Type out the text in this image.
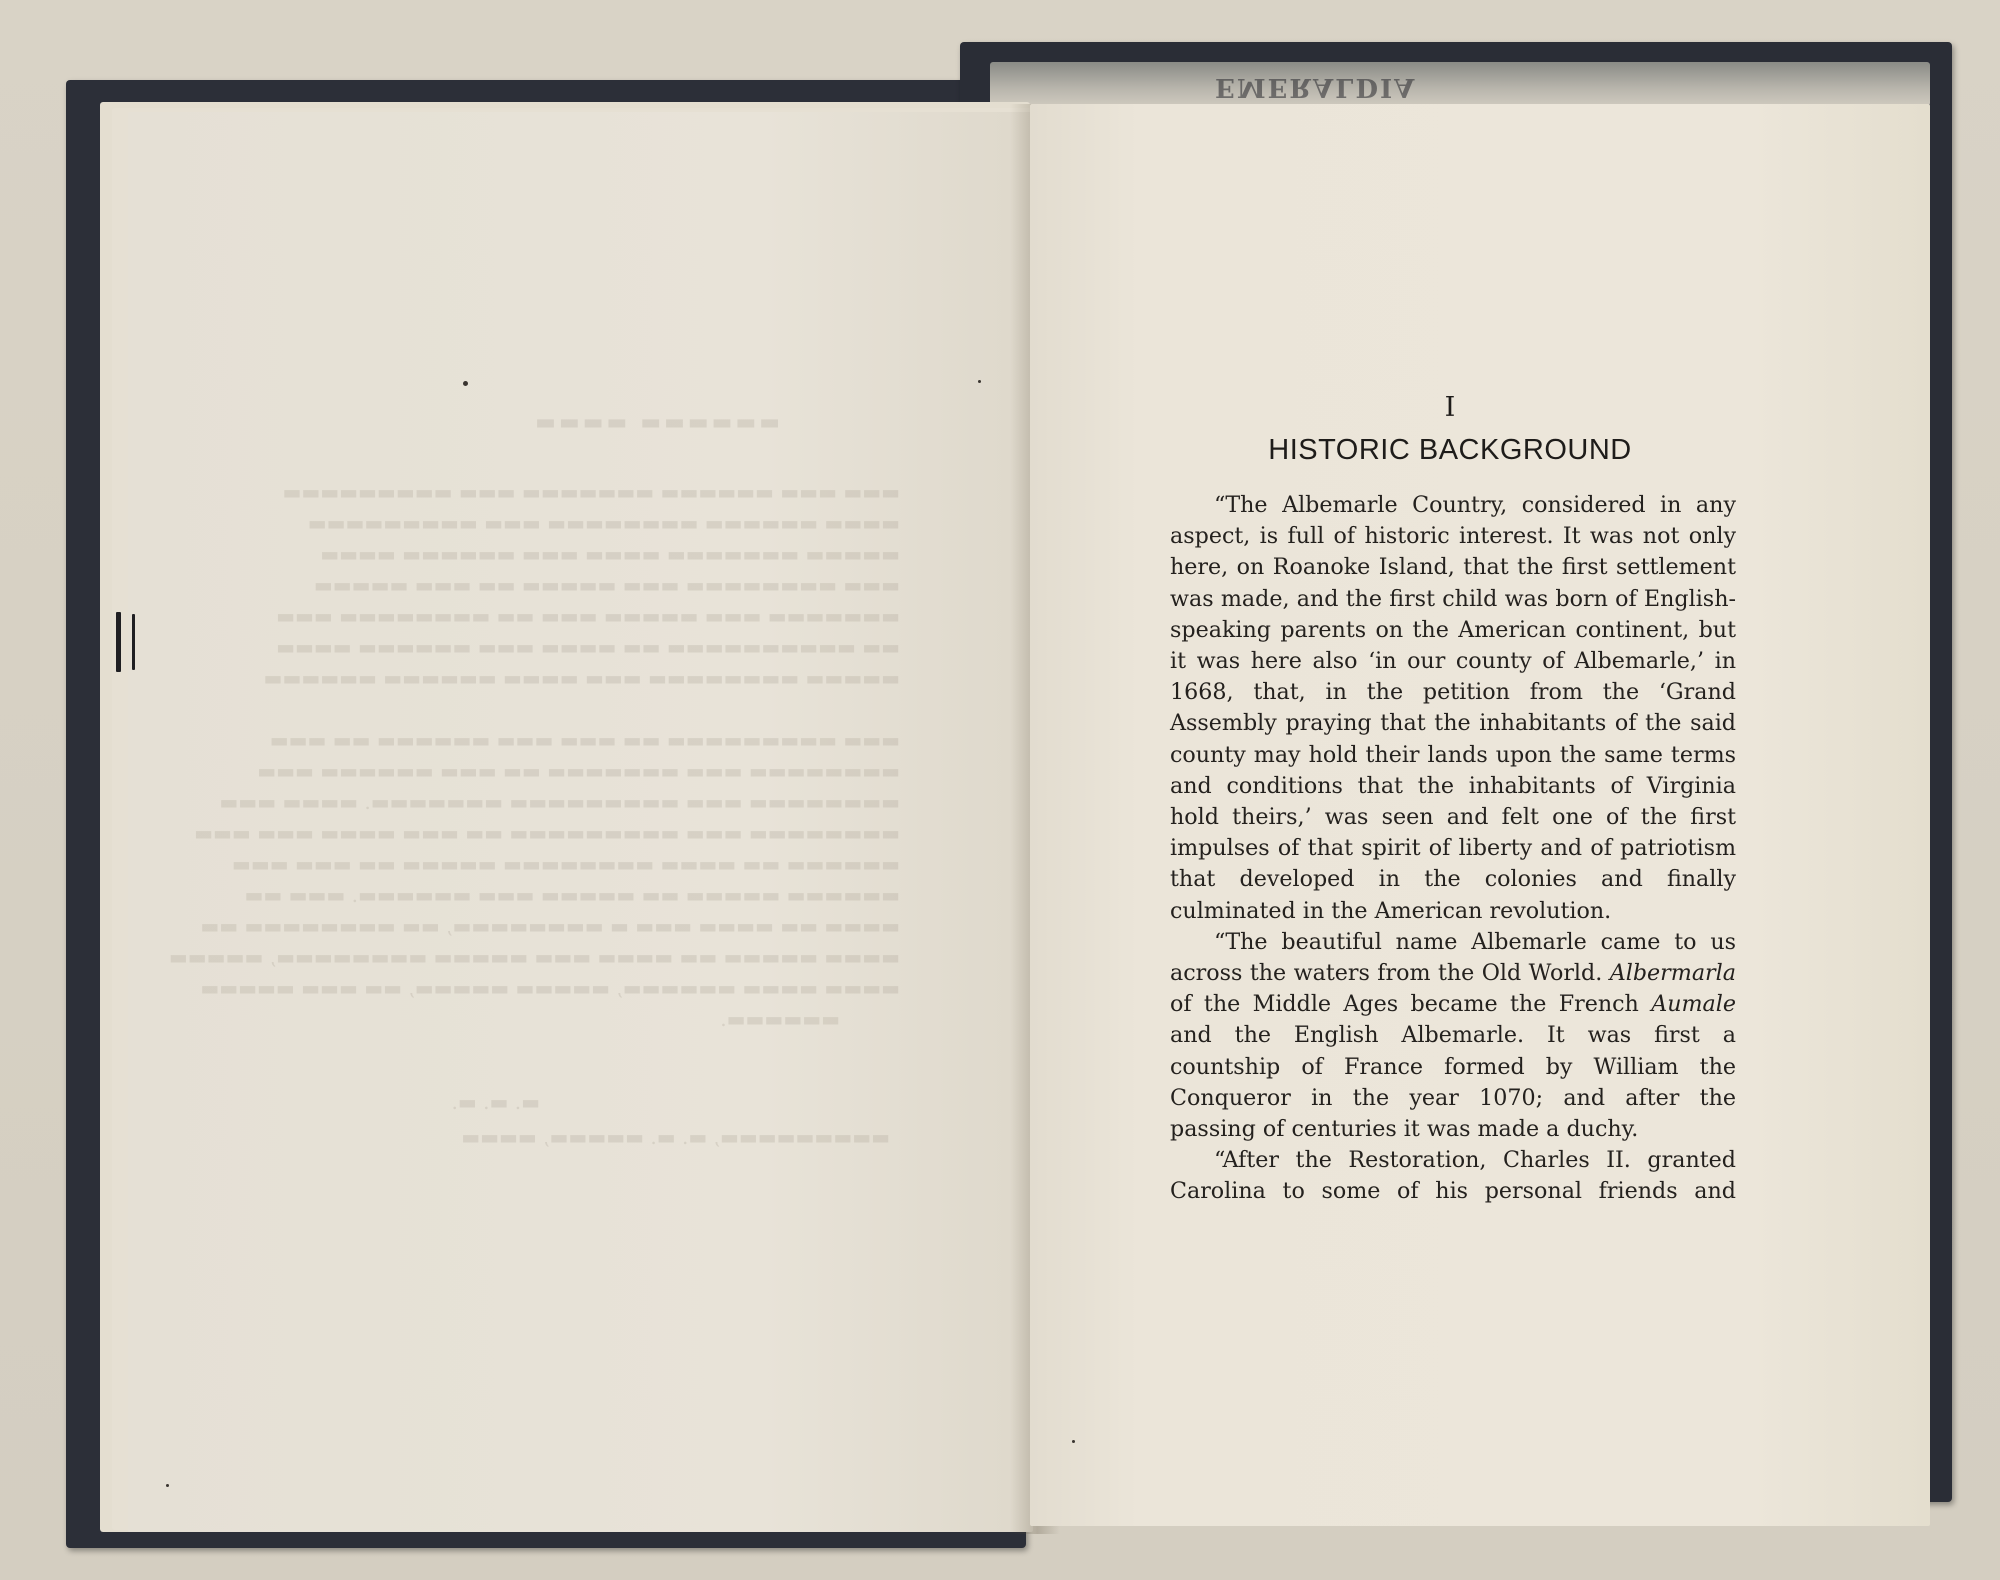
EMERALDIA
▬▬▬▬▬▬ ▬▬▬▬
▬▬▬ ▬▬▬ ▬▬▬▬▬▬ ▬▬▬▬▬▬▬ ▬▬▬ ▬▬▬▬▬▬▬▬▬
▬▬▬▬ ▬▬▬▬▬▬ ▬▬▬▬▬▬▬▬ ▬▬▬ ▬▬▬▬▬▬▬▬▬
▬▬▬▬▬ ▬▬▬▬▬▬▬ ▬▬▬▬ ▬▬▬ ▬▬▬▬▬▬ ▬▬▬▬
▬▬▬ ▬▬▬▬▬▬▬▬ ▬▬▬ ▬▬▬▬▬ ▬▬ ▬▬▬ ▬▬▬▬▬
▬▬▬▬▬▬▬ ▬▬▬ ▬▬▬▬▬ ▬▬▬ ▬▬ ▬▬▬▬▬▬▬▬ ▬▬▬
▬▬ ▬▬▬▬▬▬▬▬▬▬ ▬▬ ▬▬▬▬ ▬▬▬ ▬▬▬▬▬▬ ▬▬▬▬
▬▬▬▬▬ ▬▬▬▬▬▬▬▬ ▬▬▬ ▬▬▬▬ ▬▬▬▬▬▬ ▬▬▬▬▬▬
▬▬▬ ▬▬▬▬▬▬▬▬▬ ▬▬ ▬▬▬ ▬▬▬ ▬▬▬▬▬▬ ▬▬ ▬▬▬
▬▬▬▬▬▬▬▬ ▬▬▬ ▬▬▬▬▬▬▬ ▬▬ ▬▬▬ ▬▬▬▬▬▬ ▬▬▬
▬▬▬▬▬▬▬▬ ▬▬▬ ▬▬▬▬▬▬▬▬▬ ▬▬▬▬▬▬▬. ▬▬▬▬ ▬▬▬
▬▬▬▬▬▬▬▬ ▬▬▬ ▬▬▬▬▬▬▬▬▬ ▬▬ ▬▬▬ ▬▬▬▬ ▬▬▬ ▬▬▬
▬▬▬▬▬▬ ▬▬ ▬▬▬▬ ▬▬▬▬▬▬▬▬ ▬▬▬▬▬ ▬▬ ▬▬▬ ▬▬▬
▬▬▬▬▬▬ ▬▬▬▬▬ ▬▬ ▬▬▬▬▬ ▬▬▬ ▬▬▬▬▬▬. ▬▬▬ ▬▬
▬▬▬▬ ▬▬ ▬▬▬▬ ▬▬▬ ▬ ▬▬▬▬▬▬▬▬, ▬▬ ▬▬▬▬▬▬▬▬ ▬▬
▬▬▬▬ ▬▬▬▬▬ ▬▬ ▬▬▬▬ ▬▬▬ ▬▬▬▬▬ ▬▬▬▬▬▬▬▬, ▬▬▬▬▬
▬▬▬▬ ▬▬▬▬ ▬▬▬▬▬▬, ▬▬▬▬▬ ▬▬▬▬▬, ▬▬ ▬▬▬ ▬▬▬▬▬
▬▬▬▬▬▬.
▬. ▬. ▬.
▬▬▬▬▬▬▬▬▬, ▬. ▬. ▬▬▬▬▬, ▬▬▬▬
I
HISTORIC BACKGROUND

“The Albemarle Country, considered in any aspect, is full of historic interest. It was not only here, on Roanoke Island, that the first settlement was made, and the first child was born of English-speaking parents on the American continent, but it was here also ‘in our county of Albemarle,’ in 1668, that, in the petition from the ‘Grand Assembly praying that the inhabitants of the said county may hold their lands upon the same terms and conditions that the inhabitants of Virginia hold theirs,’ was seen and felt one of the first impulses of that spirit of liberty and of patriotism that developed in the colonies and finally culminated in the American revolution.

“The beautiful name Albemarle came to us across the waters from the Old World. Albermarla of the Middle Ages became the French Aumale and the English Albemarle. It was first a countship of France formed by William the Conqueror in the year 1070; and after the passing of centuries it was made a duchy.

“After the Restoration, Charles II. granted Carolina to some of his personal friends and
